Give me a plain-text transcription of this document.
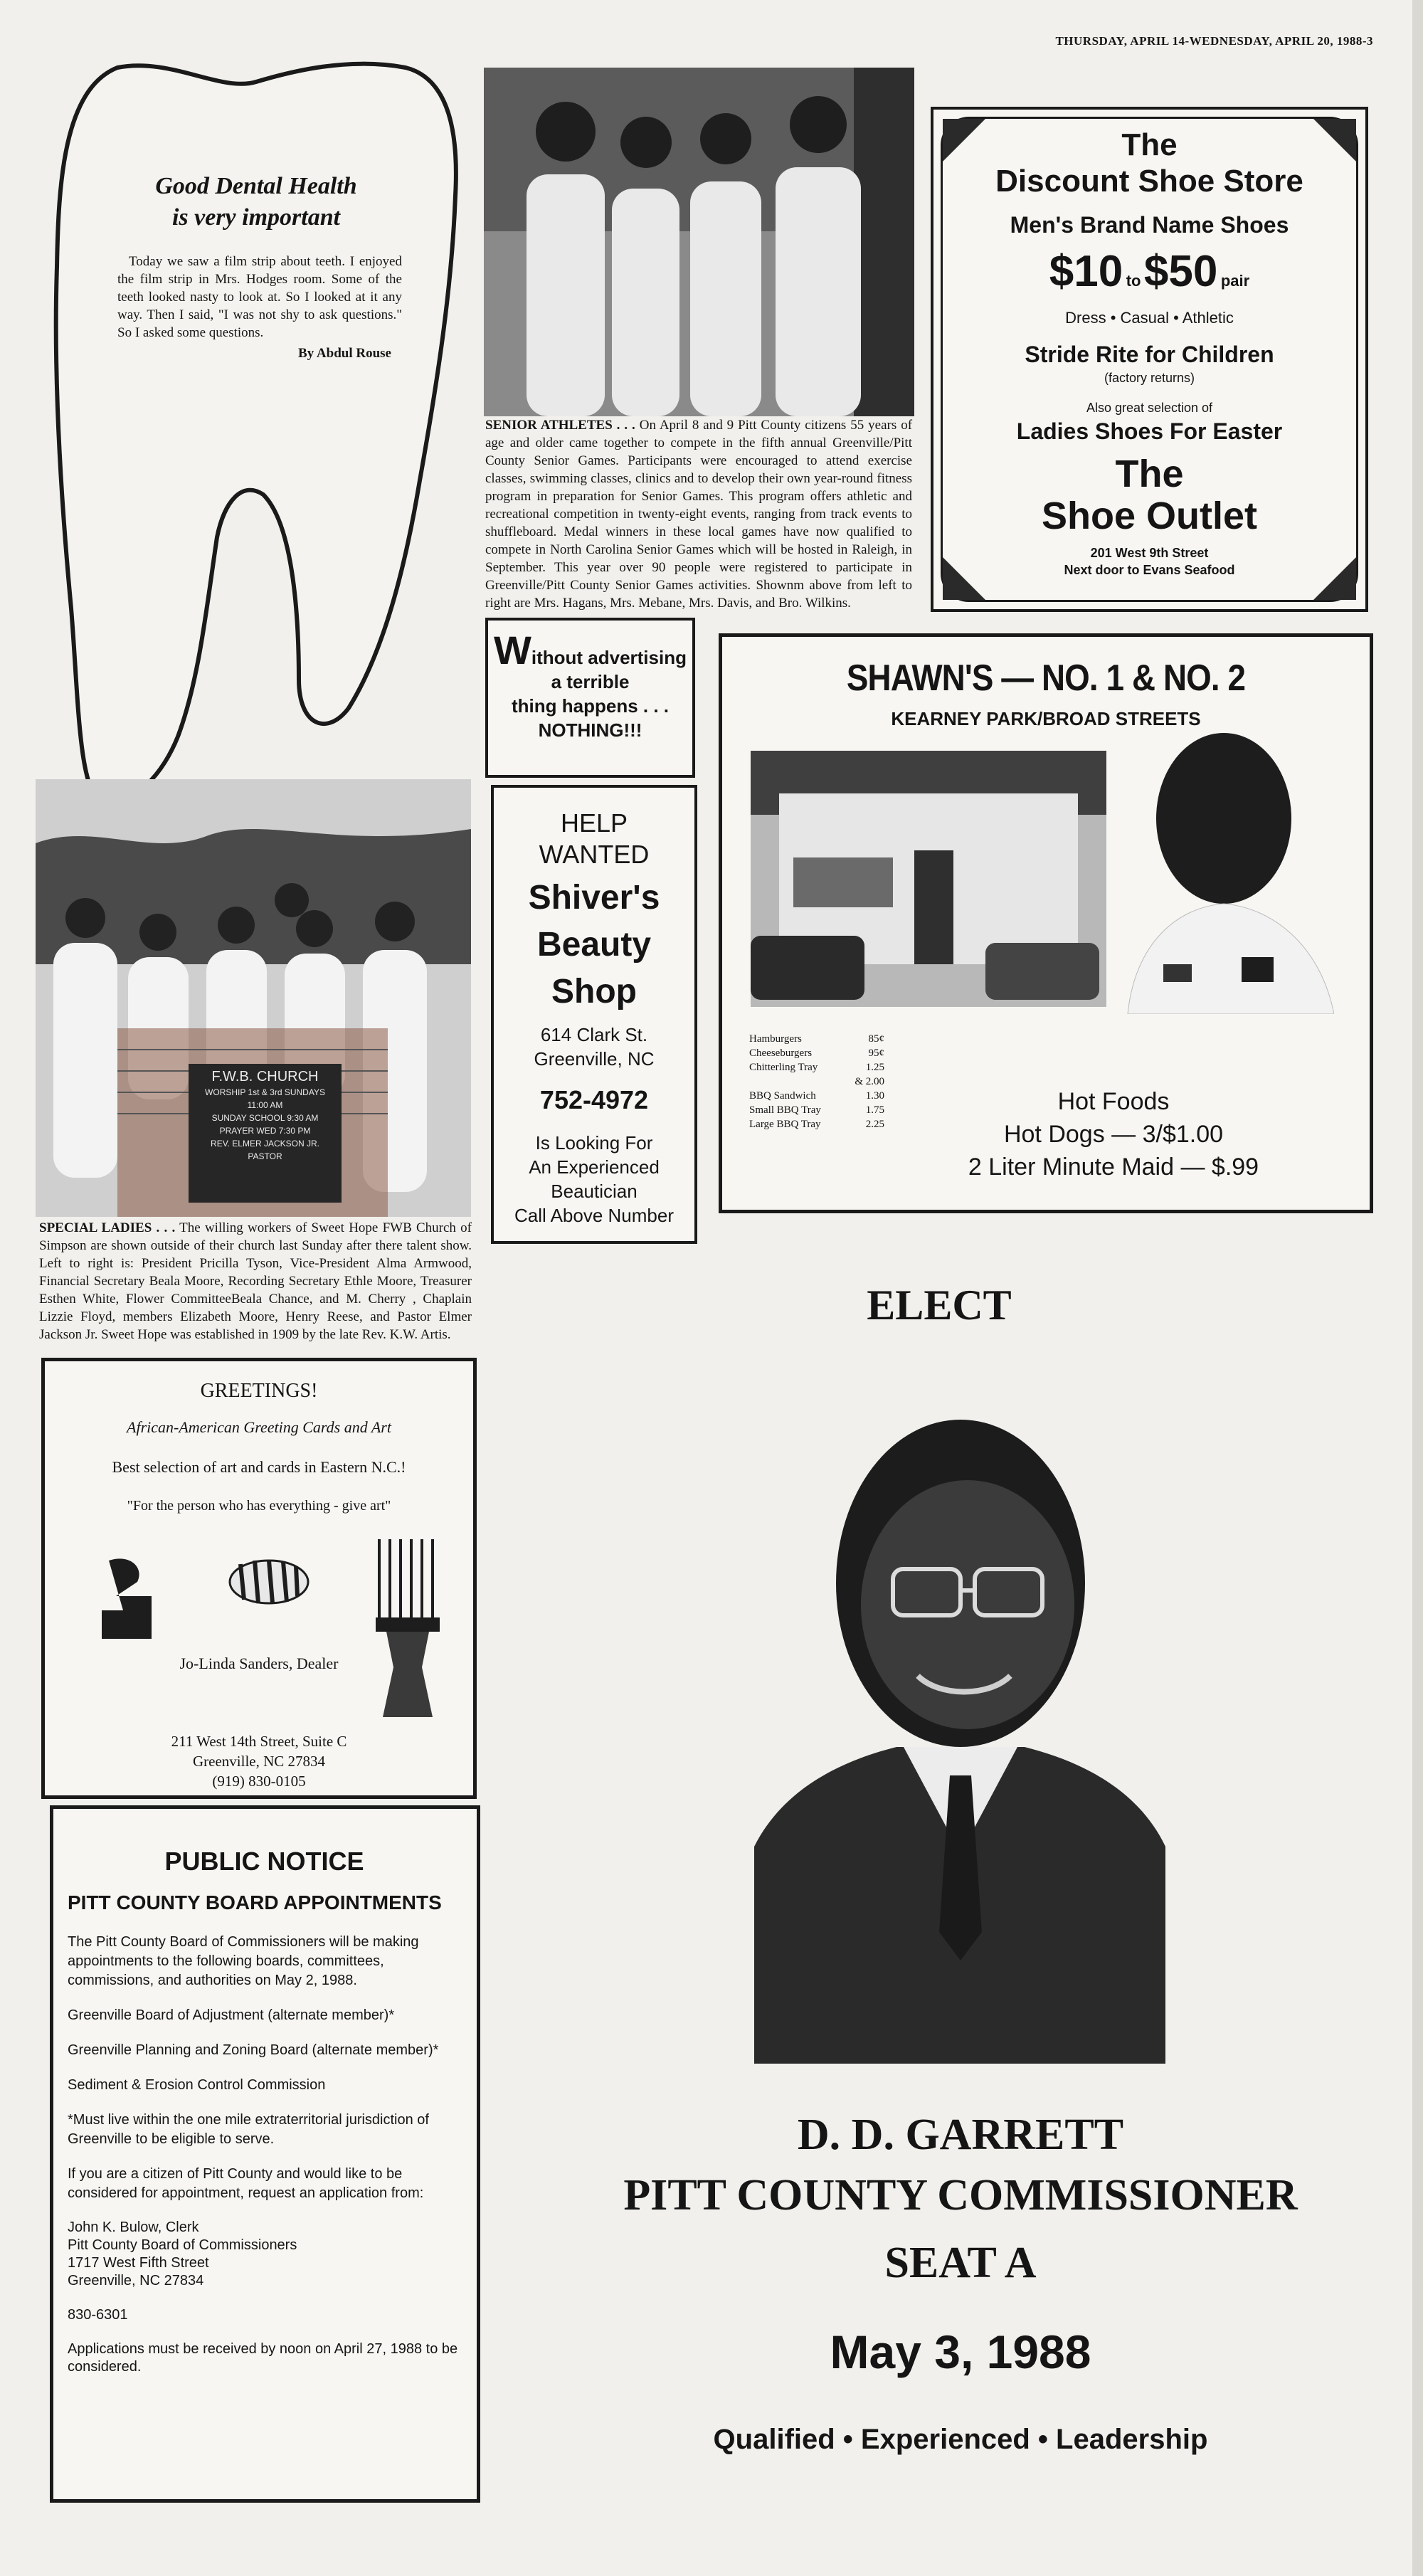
THURSDAY, APRIL 14-WEDNESDAY, APRIL 20, 1988-3
Good Dental Health
is very important

Today we saw a film strip about teeth. I enjoyed the film strip in Mrs. Hodges room. Some of the teeth looked nasty to look at. So I looked at it any way. Then I said, "I was not shy to ask questions." So I asked some questions.

By Abdul Rouse

SENIOR ATHLETES . . . On April 8 and 9 Pitt County citizens 55 years of age and older came together to compete in the fifth annual Greenville/Pitt County Senior Games. Participants were encouraged to attend exercise classes, swimming classes, clinics and to develop their own year-round fitness program in preparation for Senior Games. This program offers athletic and recreational competition in twenty-eight events, ranging from track events to shuffleboard. Medal winners in these local games have now qualified to compete in North Carolina Senior Games which will be hosted in Raleigh, in September. This year over 90 people were registered to participate in Greenville/Pitt County Senior Games activities. Shownm above from left to right are Mrs. Hagans, Mrs. Mebane, Mrs. Davis, and Bro. Wilkins.

The
Discount Shoe Store
Men's Brand Name Shoes
$10 to $50 pair
Dress • Casual • Athletic
Stride Rite for Children
(factory returns)
Also great selection of
Ladies Shoes For Easter
The
Shoe Outlet
201 West 9th Street
Next door to Evans Seafood
Without advertising
a terrible
thing happens . . .
NOTHING!!!
HELP
WANTED
Shiver's
Beauty
Shop
614 Clark St.
Greenville, NC
752-4972
Is Looking For
An Experienced
Beautician
Call Above Number
SHAWN'S — NO. 1 & NO. 2
KEARNEY PARK/BROAD STREETS
Hamburgers	85¢
Cheeseburgers	95¢
Chitterling Tray	1.25
& 2.00
BBQ Sandwich	1.30
Small BBQ Tray	1.75
Large BBQ Tray	2.25
Hot Foods
Hot Dogs — 3/$1.00
2 Liter Minute Maid — $.99
F.W.B. CHURCH
WORSHIP 1st & 3rd SUNDAYS
11:00 AM
SUNDAY SCHOOL 9:30 AM
PRAYER WED 7:30 PM
REV. ELMER JACKSON JR.
PASTOR

SPECIAL LADIES . . . The willing workers of Sweet Hope FWB Church of Simpson are shown outside of their church last Sunday after there talent show. Left to right is: President Pricilla Tyson, Vice-President Alma Armwood, Financial Secretary Beala Moore, Recording Secretary Ethle Moore, Treasurer Esthen White, Flower CommitteeBeala Chance, and M. Cherry , Chaplain Lizzie Floyd, members Elizabeth Moore, Henry Reese, and Pastor Elmer Jackson Jr. Sweet Hope was established in 1909 by the late Rev. K.W. Artis.

ELECT
D. D. GARRETT
PITT COUNTY COMMISSIONER
SEAT A
May 3, 1988
Qualified • Experienced • Leadership
GREETINGS!
African-American Greeting Cards and Art
Best selection of art and cards in Eastern N.C.!
"For the person who has everything - give art"
Jo-Linda Sanders, Dealer
211 West 14th Street, Suite C
Greenville, NC 27834
(919) 830-0105
PUBLIC NOTICE
PITT COUNTY BOARD APPOINTMENTS

The Pitt County Board of Commissioners will be making appointments to the following boards, committees, commissions, and authorities on May 2, 1988.

Greenville Board of Adjustment (alternate member)*

Greenville Planning and Zoning Board (alternate member)*

Sediment & Erosion Control Commission

*Must live within the one mile extraterritorial jurisdiction of Greenville to be eligible to serve.

If you are a citizen of Pitt County and would like to be considered for appointment, request an application from:

John K. Bulow, Clerk
Pitt County Board of Commissioners
1717 West Fifth Street
Greenville, NC 27834
830-6301

Applications must be received by noon on April 27, 1988 to be considered.
